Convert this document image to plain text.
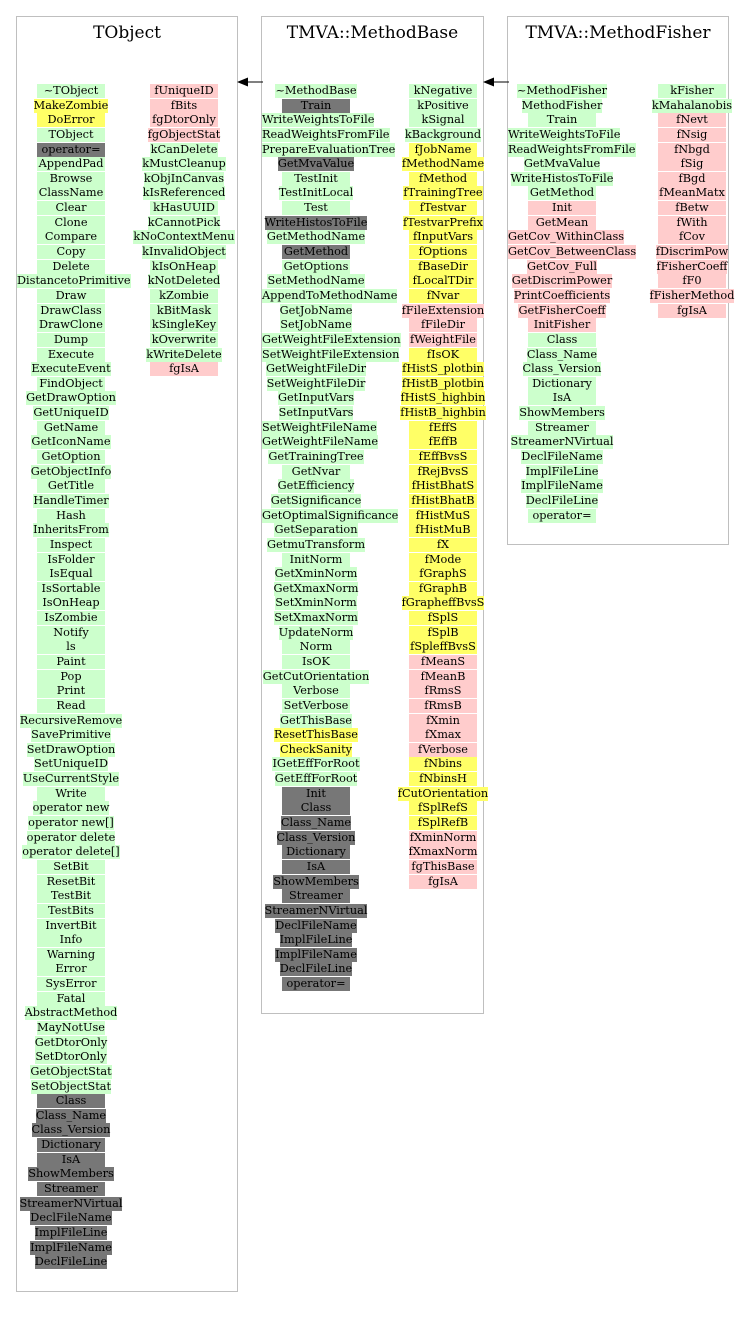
TObject
~TObject
MakeZombie
DoError
TObject
operator=
AppendPad
Browse
ClassName
Clear
Clone
Compare
Copy
Delete
DistancetoPrimitive
Draw
DrawClass
DrawClone
Dump
Execute
ExecuteEvent
FindObject
GetDrawOption
GetUniqueID
GetName
GetIconName
GetOption
GetObjectInfo
GetTitle
HandleTimer
Hash
InheritsFrom
Inspect
IsFolder
IsEqual
IsSortable
IsOnHeap
IsZombie
Notify
ls
Paint
Pop
Print
Read
RecursiveRemove
SavePrimitive
SetDrawOption
SetUniqueID
UseCurrentStyle
Write
operator new
operator new[]
operator delete
operator delete[]
SetBit
ResetBit
TestBit
TestBits
InvertBit
Info
Warning
Error
SysError
Fatal
AbstractMethod
MayNotUse
GetDtorOnly
SetDtorOnly
GetObjectStat
SetObjectStat
Class
Class_Name
Class_Version
Dictionary
IsA
ShowMembers
Streamer
StreamerNVirtual
DeclFileName
ImplFileLine
ImplFileName
DeclFileLine
fUniqueID
fBits
fgDtorOnly
fgObjectStat
kCanDelete
kMustCleanup
kObjInCanvas
kIsReferenced
kHasUUID
kCannotPick
kNoContextMenu
kInvalidObject
kIsOnHeap
kNotDeleted
kZombie
kBitMask
kSingleKey
kOverwrite
kWriteDelete
fgIsA
TMVA::MethodBase
~MethodBase
Train
WriteWeightsToFile
ReadWeightsFromFile
PrepareEvaluationTree
GetMvaValue
TestInit
TestInitLocal
Test
WriteHistosToFile
GetMethodName
GetMethod
GetOptions
SetMethodName
AppendToMethodName
GetJobName
SetJobName
GetWeightFileExtension
SetWeightFileExtension
GetWeightFileDir
SetWeightFileDir
GetInputVars
SetInputVars
SetWeightFileName
GetWeightFileName
GetTrainingTree
GetNvar
GetEfficiency
GetSignificance
GetOptimalSignificance
GetSeparation
GetmuTransform
InitNorm
GetXminNorm
GetXmaxNorm
SetXminNorm
SetXmaxNorm
UpdateNorm
Norm
IsOK
GetCutOrientation
Verbose
SetVerbose
GetThisBase
ResetThisBase
CheckSanity
IGetEffForRoot
GetEffForRoot
Init
Class
Class_Name
Class_Version
Dictionary
IsA
ShowMembers
Streamer
StreamerNVirtual
DeclFileName
ImplFileLine
ImplFileName
DeclFileLine
operator=
kNegative
kPositive
kSignal
kBackground
fJobName
fMethodName
fMethod
fTrainingTree
fTestvar
fTestvarPrefix
fInputVars
fOptions
fBaseDir
fLocalTDir
fNvar
fFileExtension
fFileDir
fWeightFile
fIsOK
fHistS_plotbin
fHistB_plotbin
fHistS_highbin
fHistB_highbin
fEffS
fEffB
fEffBvsS
fRejBvsS
fHistBhatS
fHistBhatB
fHistMuS
fHistMuB
fX
fMode
fGraphS
fGraphB
fGrapheffBvsS
fSplS
fSplB
fSpleffBvsS
fMeanS
fMeanB
fRmsS
fRmsB
fXmin
fXmax
fVerbose
fNbins
fNbinsH
fCutOrientation
fSplRefS
fSplRefB
fXminNorm
fXmaxNorm
fgThisBase
fgIsA
TMVA::MethodFisher
~MethodFisher
MethodFisher
Train
WriteWeightsToFile
ReadWeightsFromFile
GetMvaValue
WriteHistosToFile
GetMethod
Init
GetMean
GetCov_WithinClass
GetCov_BetweenClass
GetCov_Full
GetDiscrimPower
PrintCoefficients
GetFisherCoeff
InitFisher
Class
Class_Name
Class_Version
Dictionary
IsA
ShowMembers
Streamer
StreamerNVirtual
DeclFileName
ImplFileLine
ImplFileName
DeclFileLine
operator=
kFisher
kMahalanobis
fNevt
fNsig
fNbgd
fSig
fBgd
fMeanMatx
fBetw
fWith
fCov
fDiscrimPow
fFisherCoeff
fF0
fFisherMethod
fgIsA
